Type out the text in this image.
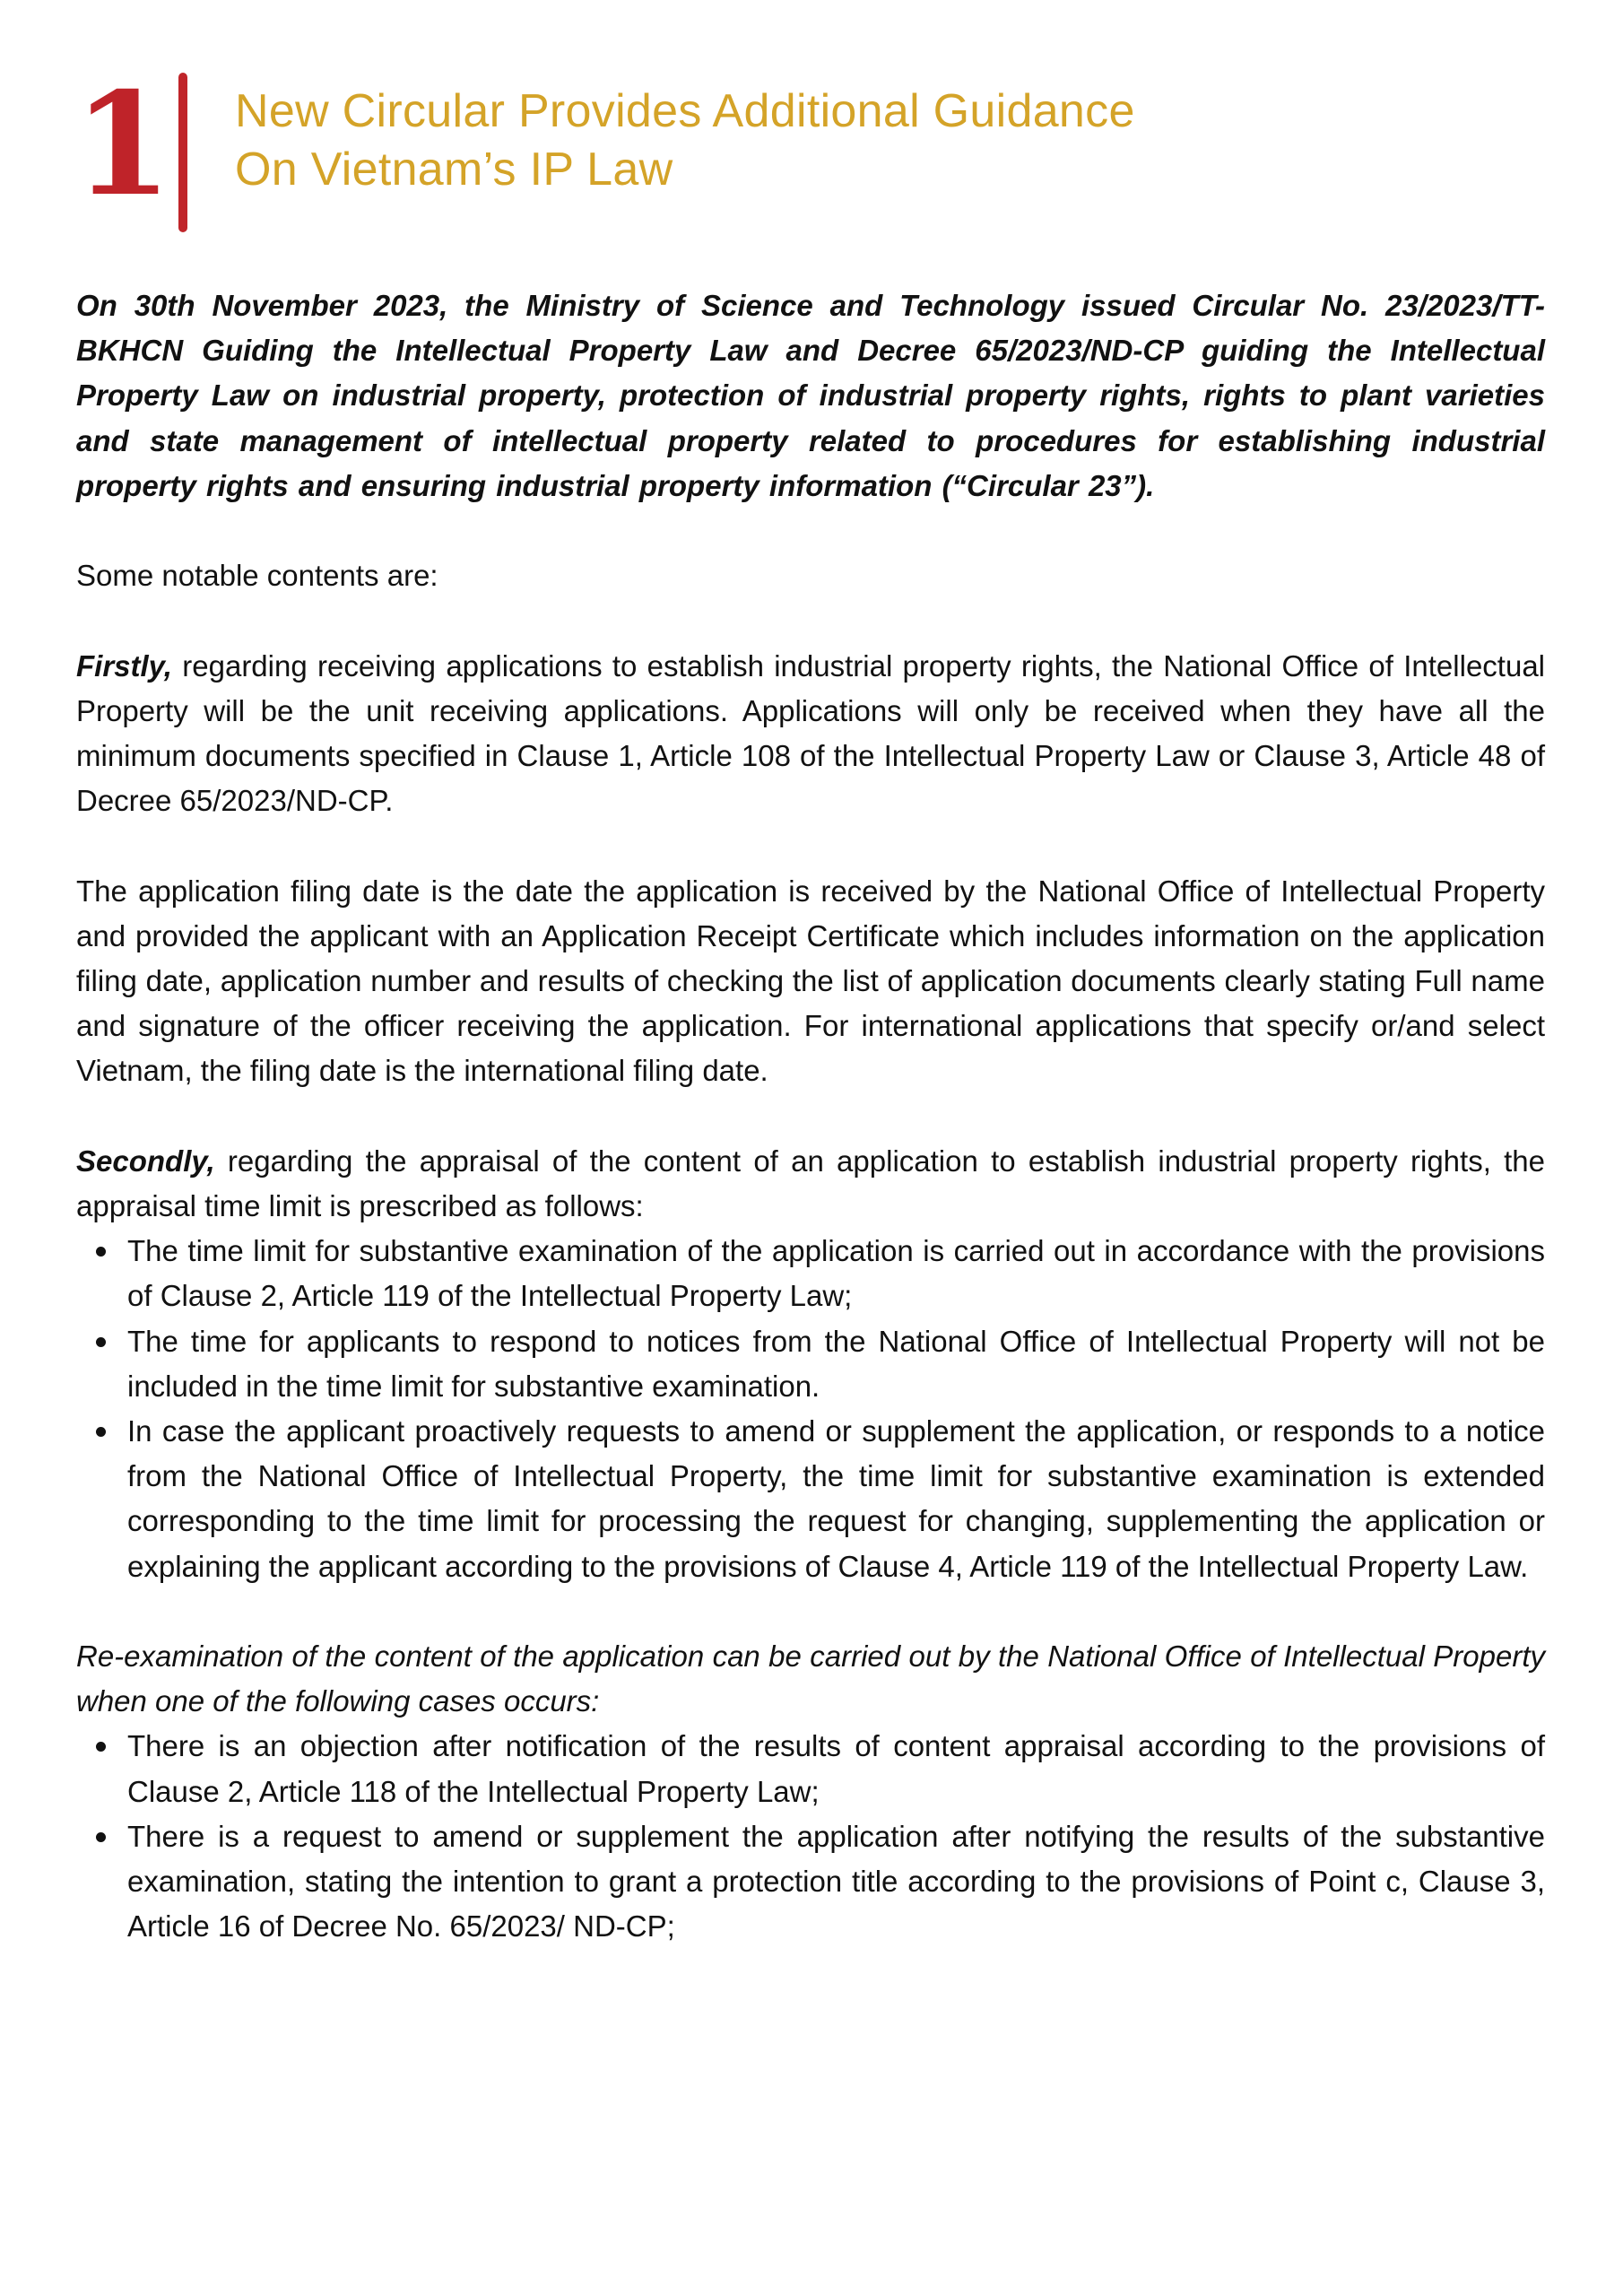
1 New Circular Provides Additional Guidance
On Vietnam’s IP Law

On 30th November 2023, the Ministry of Science and Technology issued Circular No. 23/2023/TT-BKHCN Guiding the Intellectual Property Law and Decree 65/2023/ND-CP guiding the Intellectual Property Law on industrial property, protection of industrial property rights, rights to plant varieties and state management of intellectual property related to procedures for establishing industrial property rights and ensuring industrial property information (“Circular 23”).

Some notable contents are:

Firstly, regarding receiving applications to establish industrial property rights, the National Office of Intellectual Property will be the unit receiving applications. Applications will only be received when they have all the minimum documents specified in Clause 1, Article 108 of the Intellectual Property Law or Clause 3, Article 48 of Decree 65/2023/ND-CP.

The application filing date is the date the application is received by the National Office of Intellectual Property and provided the applicant with an Application Receipt Certificate which includes information on the application filing date, application number and results of checking the list of application documents clearly stating Full name and signature of the officer receiving the application. For international applications that specify or/and select Vietnam, the filing date is the international filing date.

Secondly, regarding the appraisal of the content of an application to establish industrial property rights, the appraisal time limit is prescribed as follows:

The time limit for substantive examination of the application is carried out in accordance with the provisions of Clause 2, Article 119 of the Intellectual Property Law;
The time for applicants to respond to notices from the National Office of Intellectual Property will not be included in the time limit for substantive examination.
In case the applicant proactively requests to amend or supplement the application, or responds to a notice from the National Office of Intellectual Property, the time limit for substantive examination is extended corresponding to the time limit for processing the request for changing, supplementing the application or explaining the applicant according to the provisions of Clause 4, Article 119 of the Intellectual Property Law.

Re-examination of the content of the application can be carried out by the National Office of Intellectual Property when one of the following cases occurs:

There is an objection after notification of the results of content appraisal according to the provisions of Clause 2, Article 118 of the Intellectual Property Law;
There is a request to amend or supplement the application after notifying the results of the substantive examination, stating the intention to grant a protection title according to the provisions of Point c, Clause 3, Article 16 of Decree No. 65/2023/ ND-CP;
